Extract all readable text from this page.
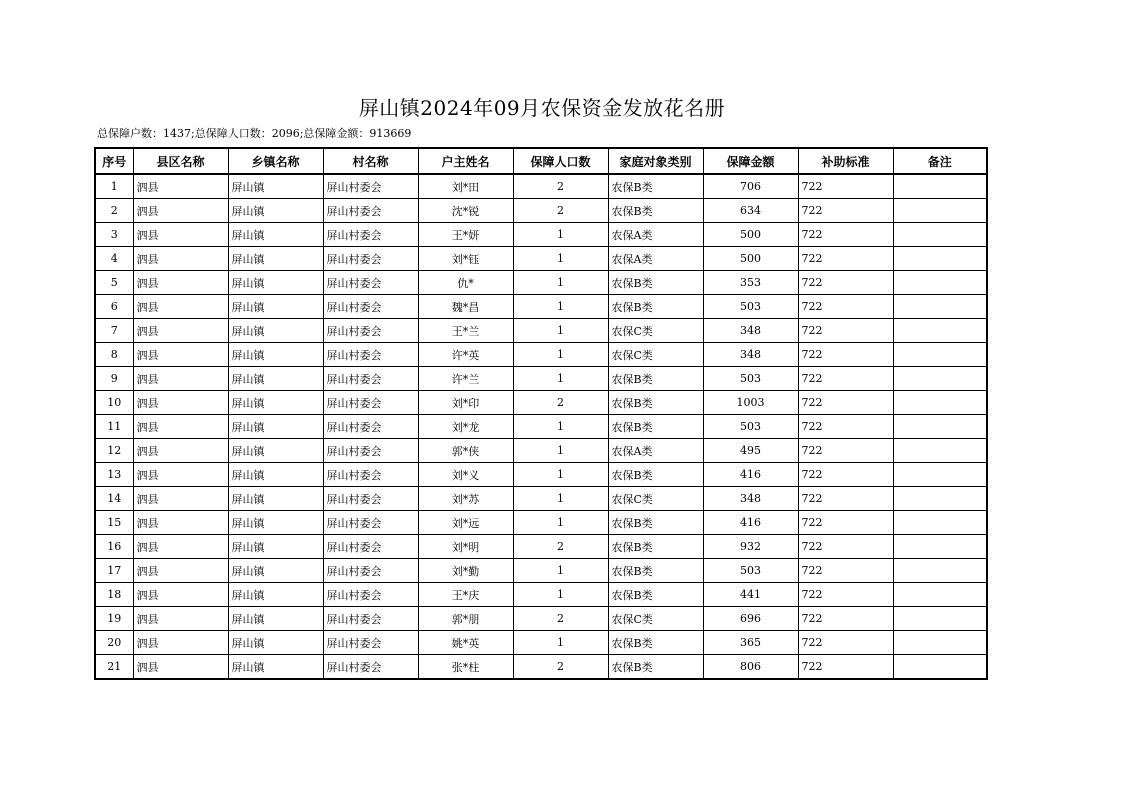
屏山镇2024年09月农保资金发放花名册
总保障户数：1437;总保障人口数：2096;总保障金额：913669
序号	县区名称	乡镇名称	村名称	户主姓名	保障人口数	家庭对象类别	保障金额	补助标准	备注
1	泗县	屏山镇	屏山村委会	刘*田	2	农保B类	706	722	
2	泗县	屏山镇	屏山村委会	沈*锐	2	农保B类	634	722	
3	泗县	屏山镇	屏山村委会	王*妍	1	农保A类	500	722	
4	泗县	屏山镇	屏山村委会	刘*钰	1	农保A类	500	722	
5	泗县	屏山镇	屏山村委会	仇*	1	农保B类	353	722	
6	泗县	屏山镇	屏山村委会	魏*昌	1	农保B类	503	722	
7	泗县	屏山镇	屏山村委会	王*兰	1	农保C类	348	722	
8	泗县	屏山镇	屏山村委会	许*英	1	农保C类	348	722	
9	泗县	屏山镇	屏山村委会	许*兰	1	农保B类	503	722	
10	泗县	屏山镇	屏山村委会	刘*印	2	农保B类	1003	722	
11	泗县	屏山镇	屏山村委会	刘*龙	1	农保B类	503	722	
12	泗县	屏山镇	屏山村委会	郭*侠	1	农保A类	495	722	
13	泗县	屏山镇	屏山村委会	刘*义	1	农保B类	416	722	
14	泗县	屏山镇	屏山村委会	刘*苏	1	农保C类	348	722	
15	泗县	屏山镇	屏山村委会	刘*远	1	农保B类	416	722	
16	泗县	屏山镇	屏山村委会	刘*明	2	农保B类	932	722	
17	泗县	屏山镇	屏山村委会	刘*勤	1	农保B类	503	722	
18	泗县	屏山镇	屏山村委会	王*庆	1	农保B类	441	722	
19	泗县	屏山镇	屏山村委会	郭*朋	2	农保C类	696	722	
20	泗县	屏山镇	屏山村委会	姚*英	1	农保B类	365	722	
21	泗县	屏山镇	屏山村委会	张*柱	2	农保B类	806	722	
